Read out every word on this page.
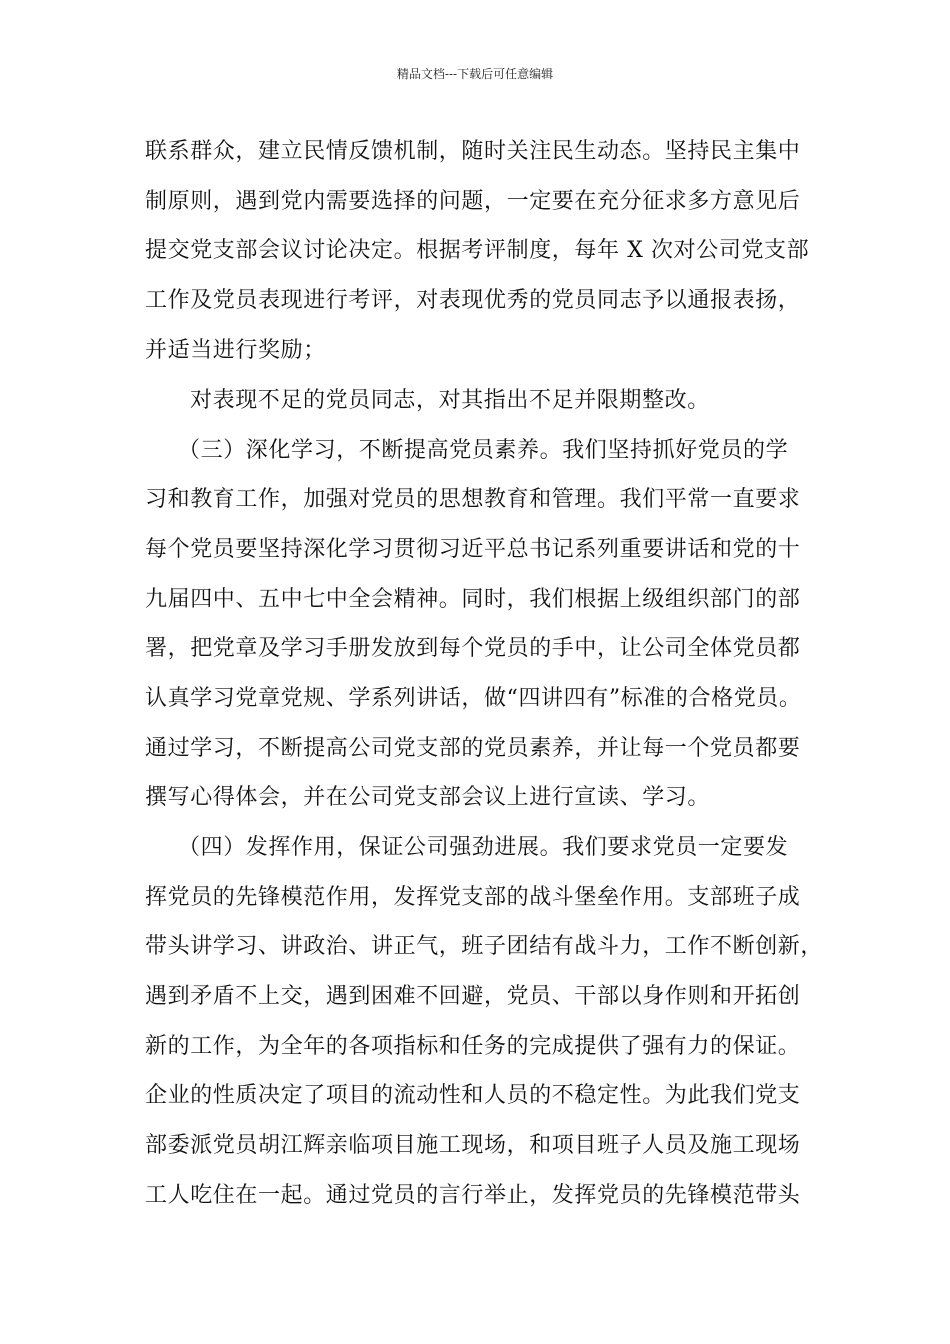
精品文档---下载后可任意编辑
联系群众，建立民情反馈机制，随时关注民生动态。坚持民主集中
制原则，遇到党内需要选择的问题，一定要在充分征求多方意见后
提交党支部会议讨论决定。根据考评制度，每年 X 次对公司党支部
工作及党员表现进行考评，对表现优秀的党员同志予以通报表扬，
并适当进行奖励；
对表现不足的党员同志，对其指出不足并限期整改。
（三）深化学习，不断提高党员素养。我们坚持抓好党员的学
习和教育工作，加强对党员的思想教育和管理。我们平常一直要求
每个党员要坚持深化学习贯彻习近平总书记系列重要讲话和党的十
九届四中、五中七中全会精神。同时，我们根据上级组织部门的部
署，把党章及学习手册发放到每个党员的手中，让公司全体党员都
认真学习党章党规、学系列讲话，做“四讲四有”标准的合格党员。
通过学习，不断提高公司党支部的党员素养，并让每一个党员都要
撰写心得体会，并在公司党支部会议上进行宣读、学习。
（四）发挥作用，保证公司强劲进展。我们要求党员一定要发
挥党员的先锋模范作用，发挥党支部的战斗堡垒作用。支部班子成
带头讲学习、讲政治、讲正气，班子团结有战斗力，工作不断创新，
遇到矛盾不上交，遇到困难不回避，党员、干部以身作则和开拓创
新的工作，为全年的各项指标和任务的完成提供了强有力的保证。
企业的性质决定了项目的流动性和人员的不稳定性。为此我们党支
部委派党员胡江辉亲临项目施工现场，和项目班子人员及施工现场
工人吃住在一起。通过党员的言行举止，发挥党员的先锋模范带头
